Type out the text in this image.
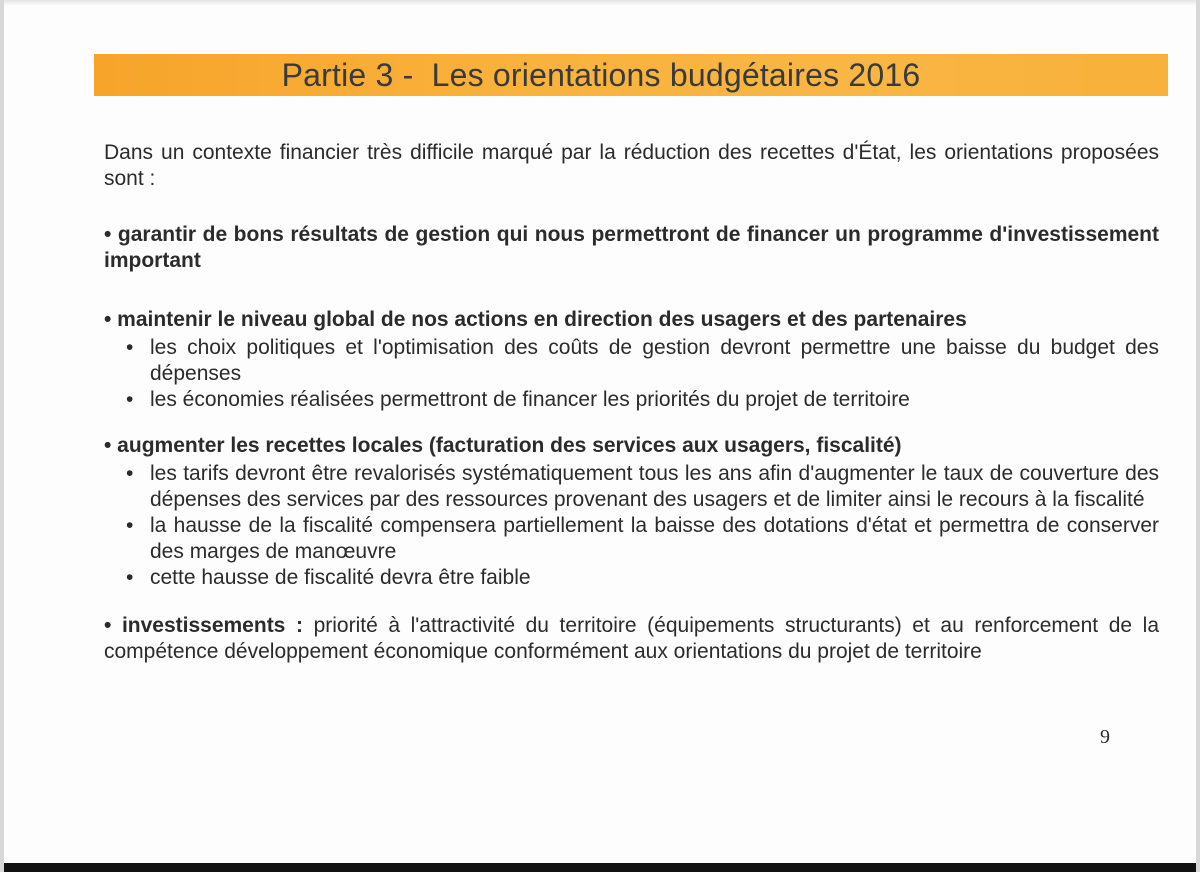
Partie 3 -  Les orientations budgétaires 2016

Dans un contexte financier très difficile marqué par la réduction des recettes d'État, les orientations proposées sont :

• garantir de bons résultats de gestion qui nous permettront de financer un programme d'investissement important

• maintenir le niveau global de nos actions en direction des usagers et des partenaires

• les choix politiques et l'optimisation des coûts de gestion devront permettre une baisse du budget des dépenses
• les économies réalisées permettront de financer les priorités du projet de territoire

• augmenter les recettes locales (facturation des services aux usagers, fiscalité)

• les tarifs devront être revalorisés systématiquement tous les ans afin d'augmenter le taux de couverture des dépenses des services par des ressources provenant des usagers et de limiter ainsi le recours à la fiscalité
• la hausse de la fiscalité compensera partiellement la baisse des dotations d'état et permettra de conserver des marges de manœuvre
• cette hausse de fiscalité devra être faible

• investissements : priorité à l'attractivité du territoire (équipements structurants) et au renforcement de la compétence développement économique conformément aux orientations du projet de territoire

9
